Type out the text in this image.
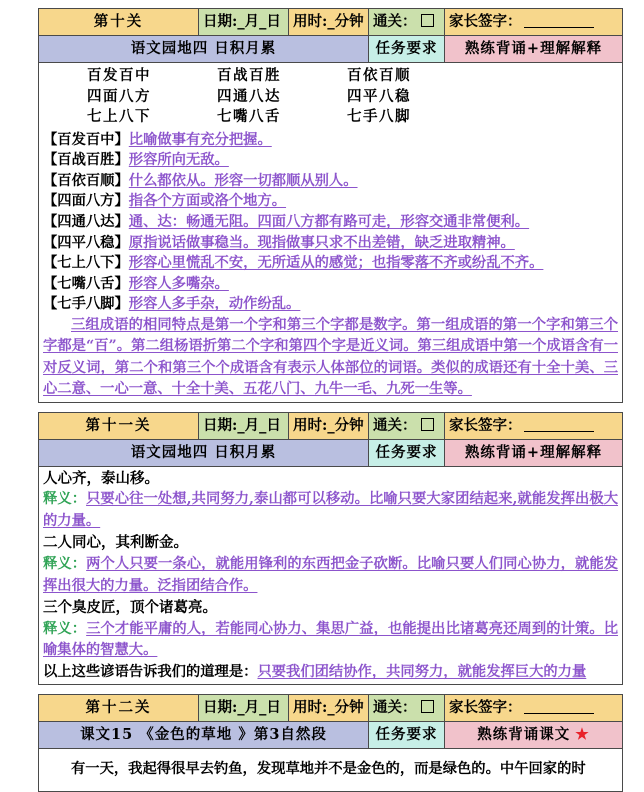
第十关	日期:_月_日	用时:_分钟	通关：	家长签字：
语文园地四 日积月累			任务要求	熟练背诵+理解解释

百发百中	百战百胜	百依百顺
四面八方	四通八达	四平八稳
七上八下	七嘴八舌	七手八脚
【百发百中】比喻做事有充分把握。
【百战百胜】形容所向无敌。
【百依百顺】什么都依从。形容一切都顺从别人。
【四面八方】指各个方面或洛个地方。
【四通八达】通、达：畅通无阻。四面八方都有路可走，形容交通非常便利。
【四平八稳】原指说话做事稳当。现指做事只求不出差错，缺乏进取精神。
【七上八下】形容心里慌乱不安，无所适从的感觉；也指零落不齐或纷乱不齐。
【七嘴八舌】形容人多嘴杂。
【七手八脚】形容人多手杂，动作纷乱。
三组成语的相同特点是第一个字和第三个字都是数字。第一组成语的第一个字和第三个字都是“百”。第二组杨语折第二个字和第四个字是近义词。第三组成语中第一个成语含有一对反义词，第二个和第三个个成语含有表示人体部位的词语。类似的成语还有十全十美、三心二意、一心一意、十全十美、五花八门、九牛一毛、九死一生等。
第十一关	日期:_月_日	用时:_分钟	通关：	家长签字：
语文园地四 日积月累			任务要求	熟练背诵+理解解释

人心齐，泰山移。
释义：只要心往一处想,共同努力,泰山都可以移动。比喻只要大家团结起来,就能发挥出极大的力量。
二人同心，其利断金。
释义：两个人只要一条心，就能用锋利的东西把金子砍断。比喻只要人们同心协力，就能发挥出很大的力量。泛指团结合作。
三个臭皮匠，顶个诸葛亮。
释义：三个才能平庸的人，若能同心协力、集思广益，也能提出比诸葛亮还周到的计策。比喻集体的智慧大。
以上这些谚语告诉我们的道理是：只要我们团结协作，共同努力，就能发挥巨大的力量
第十二关	日期:_月_日	用时:_分钟	通关：	家长签字：
课文15 《金色的草地 》第3自然段			任务要求	熟练背诵课文 ★

有一天，我起得很早去钓鱼，发现草地并不是金色的，而是绿色的。中午回家的时				
